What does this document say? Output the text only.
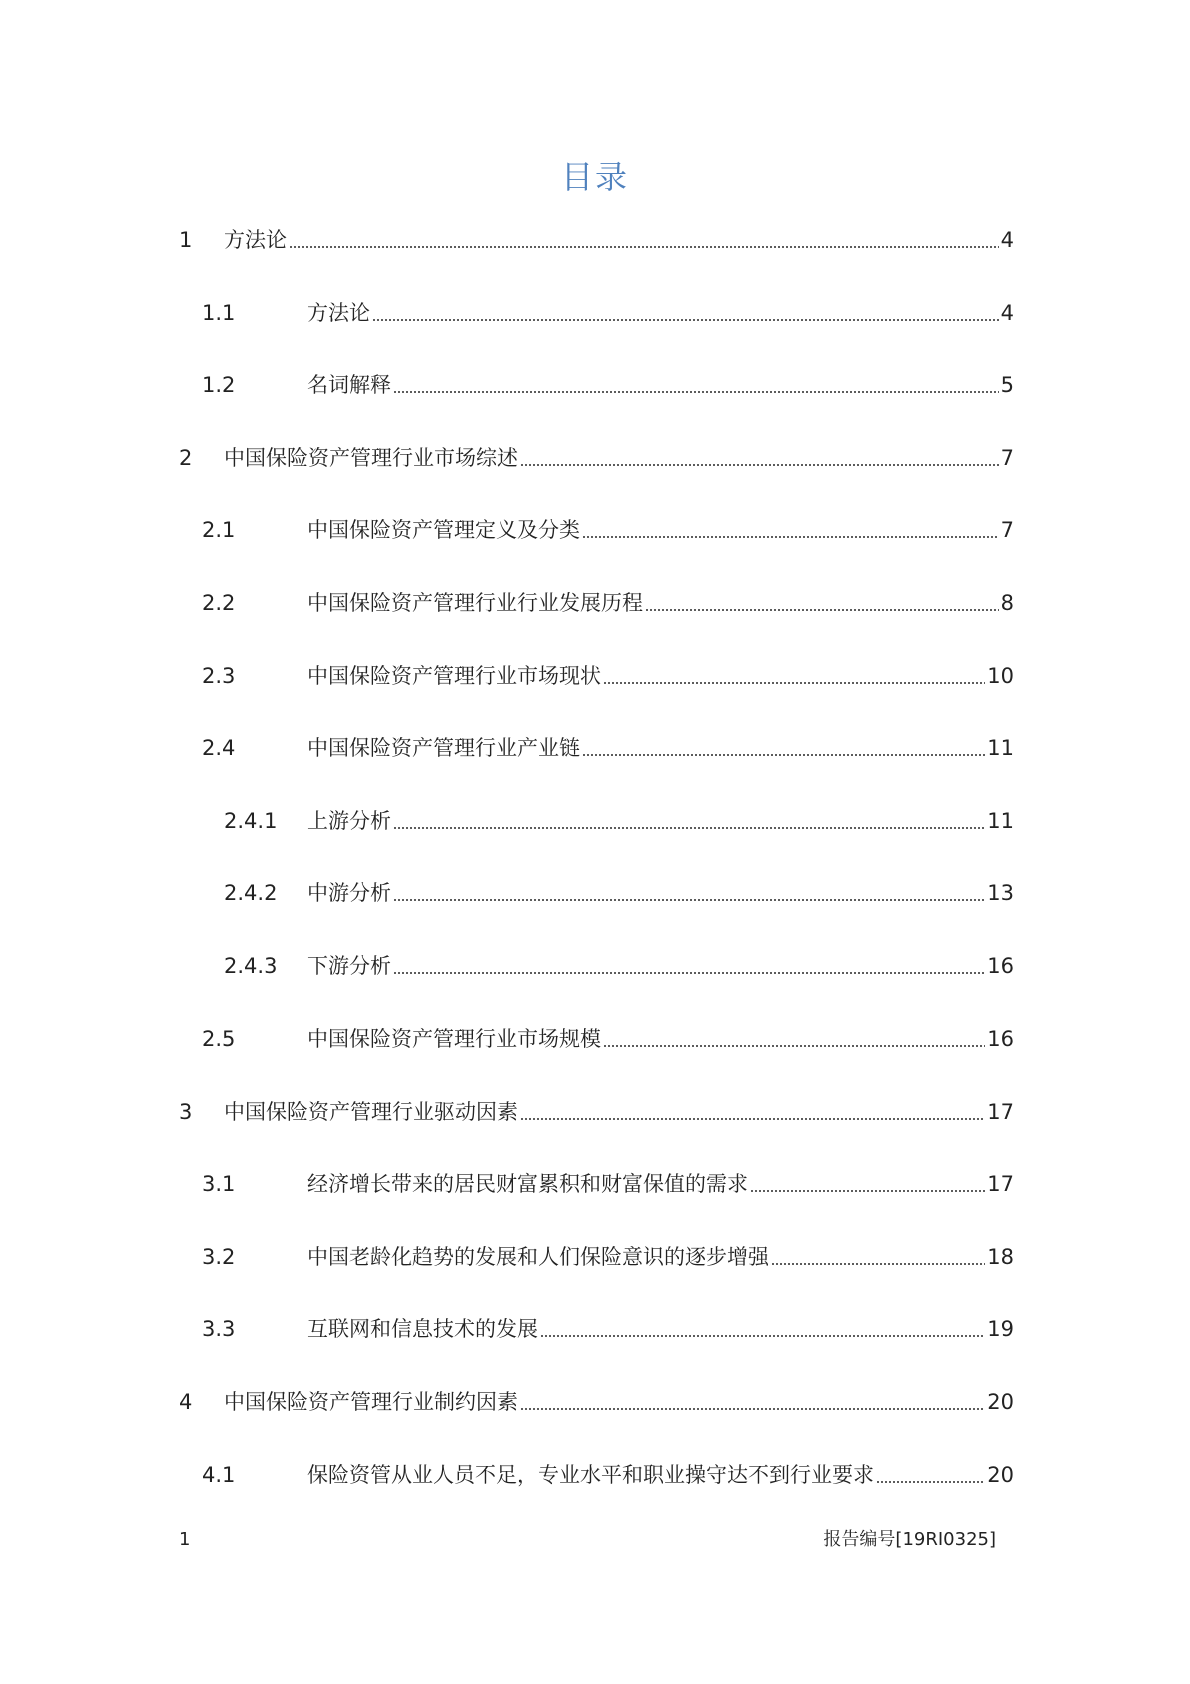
目录
1 方法论	4
1.1	方法论	4
1.2	名词解释	5
2 中国保险资产管理行业市场综述	7
2.1	中国保险资产管理定义及分类	7
2.2	中国保险资产管理行业行业发展历程	8
2.3	中国保险资产管理行业市场现状	10
2.4	中国保险资产管理行业产业链	11
2.4.1 上游分析	11
2.4.2 中游分析	13
2.4.3 下游分析	16
2.5	中国保险资产管理行业市场规模	16
3 中国保险资产管理行业驱动因素	17
3.1	经济增长带来的居民财富累积和财富保值的需求	17
3.2	中国老龄化趋势的发展和人们保险意识的逐步增强	18
3.3	互联网和信息技术的发展	19
4 中国保险资产管理行业制约因素	20
4.1	保险资管从业人员不足，专业水平和职业操守达不到行业要求	20
1	报告编号[19RI0325]
